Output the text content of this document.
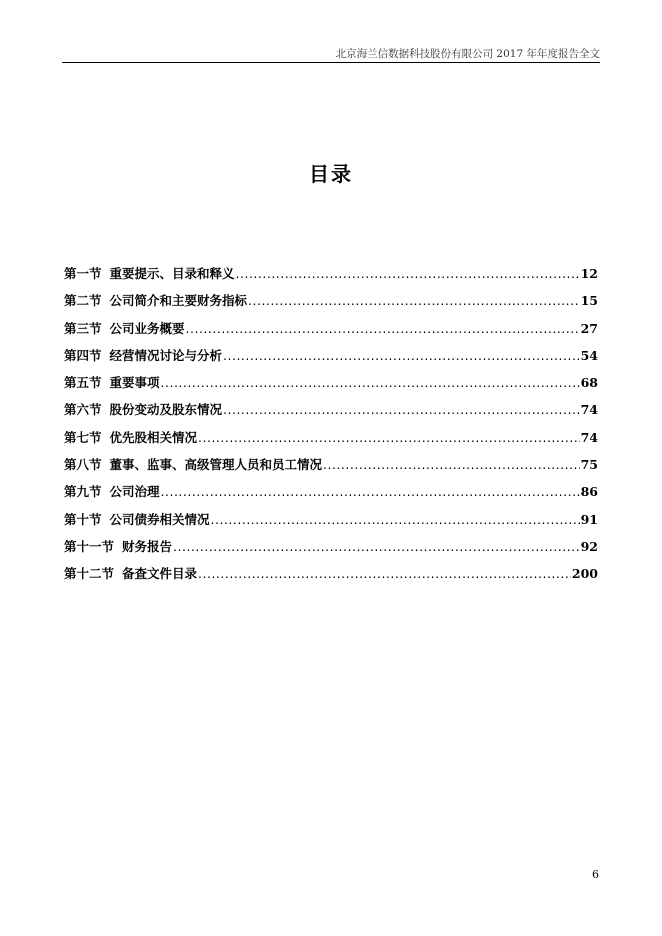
北京海兰信数据科技股份有限公司 2017 年年度报告全文
目录
第一节 重要提示、目录和释义 .....	12
第二节 公司简介和主要财务指标 .....	15
第三节 公司业务概要 .....	27
第四节 经营情况讨论与分析 .....	54
第五节 重要事项 .....	68
第六节 股份变动及股东情况 .....	74
第七节 优先股相关情况 .....	74
第八节 董事、监事、高级管理人员和员工情况 .....	75
第九节 公司治理 .....	86
第十节 公司债券相关情况 .....	91
第十一节 财务报告 .....	92
第十二节 备查文件目录 .....	200
6
